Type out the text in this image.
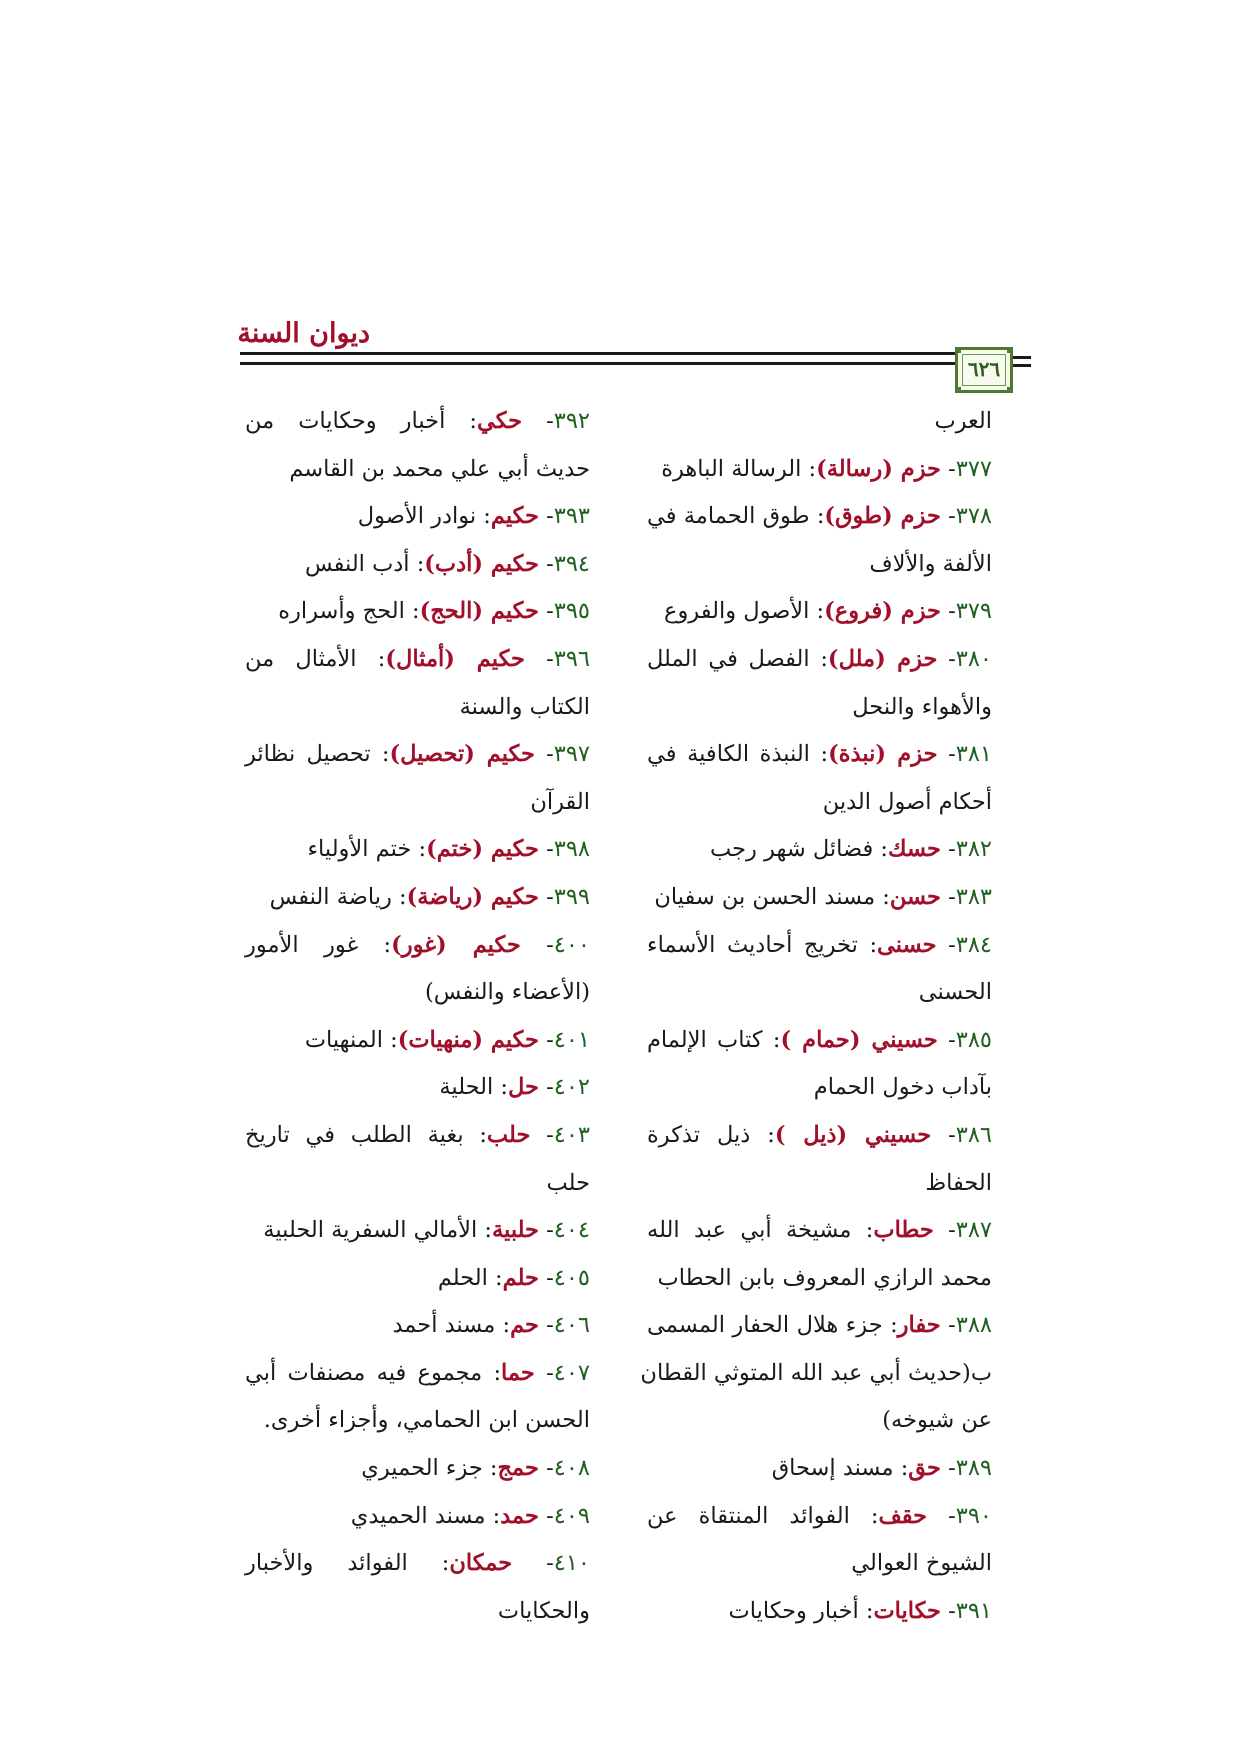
ديوان السنة
٦٢٦
العرب
٣٧٧- حزم (رسالة): الرسالة الباهرة
٣٧٨- حزم (طوق): طوق الحمامة في
الألفة والألاف
٣٧٩- حزم (فروع): الأصول والفروع
٣٨٠- حزم (ملل): الفصل في الملل
والأهواء والنحل
٣٨١- حزم (نبذة): النبذة الكافية في
أحكام أصول الدين
٣٨٢- حسك: فضائل شهر رجب
٣٨٣- حسن: مسند الحسن بن سفيان
٣٨٤- حسنى: تخريج أحاديث الأسماء
الحسنى
٣٨٥- حسيني (حمام ): كتاب الإلمام
بآداب دخول الحمام
٣٨٦- حسيني (ذيل ): ذيل تذكرة
الحفاظ
٣٨٧- حطاب: مشيخة أبي عبد الله
محمد الرازي المعروف بابن الحطاب
٣٨٨- حفار: جزء هلال الحفار المسمى
ب(حديث أبي عبد الله المتوثي القطان
عن شيوخه)
٣٨٩- حق: مسند إسحاق
٣٩٠- حقف: الفوائد المنتقاة عن
الشيوخ العوالي
٣٩١- حكايات: أخبار وحكايات
٣٩٢- حكي: أخبار وحكايات من
حديث أبي علي محمد بن القاسم
٣٩٣- حكيم: نوادر الأصول
٣٩٤- حكيم (أدب): أدب النفس
٣٩٥- حكيم (الحج): الحج وأسراره
٣٩٦- حكيم (أمثال): الأمثال من
الكتاب والسنة
٣٩٧- حكيم (تحصيل): تحصيل نظائر
القرآن
٣٩٨- حكيم (ختم): ختم الأولياء
٣٩٩- حكيم (رياضة): رياضة النفس
٤٠٠- حكيم (غور): غور الأمور
(الأعضاء والنفس)
٤٠١- حكيم (منهيات): المنهيات
٤٠٢- حل: الحلية
٤٠٣- حلب: بغية الطلب في تاريخ
حلب
٤٠٤- حلبية: الأمالي السفرية الحلبية
٤٠٥- حلم: الحلم
٤٠٦- حم: مسند أحمد
٤٠٧- حما: مجموع فيه مصنفات أبي
الحسن ابن الحمامي، وأجزاء أخرى.
٤٠٨- حمج: جزء الحميري
٤٠٩- حمد: مسند الحميدي
٤١٠- حمكان: الفوائد والأخبار
والحكايات
